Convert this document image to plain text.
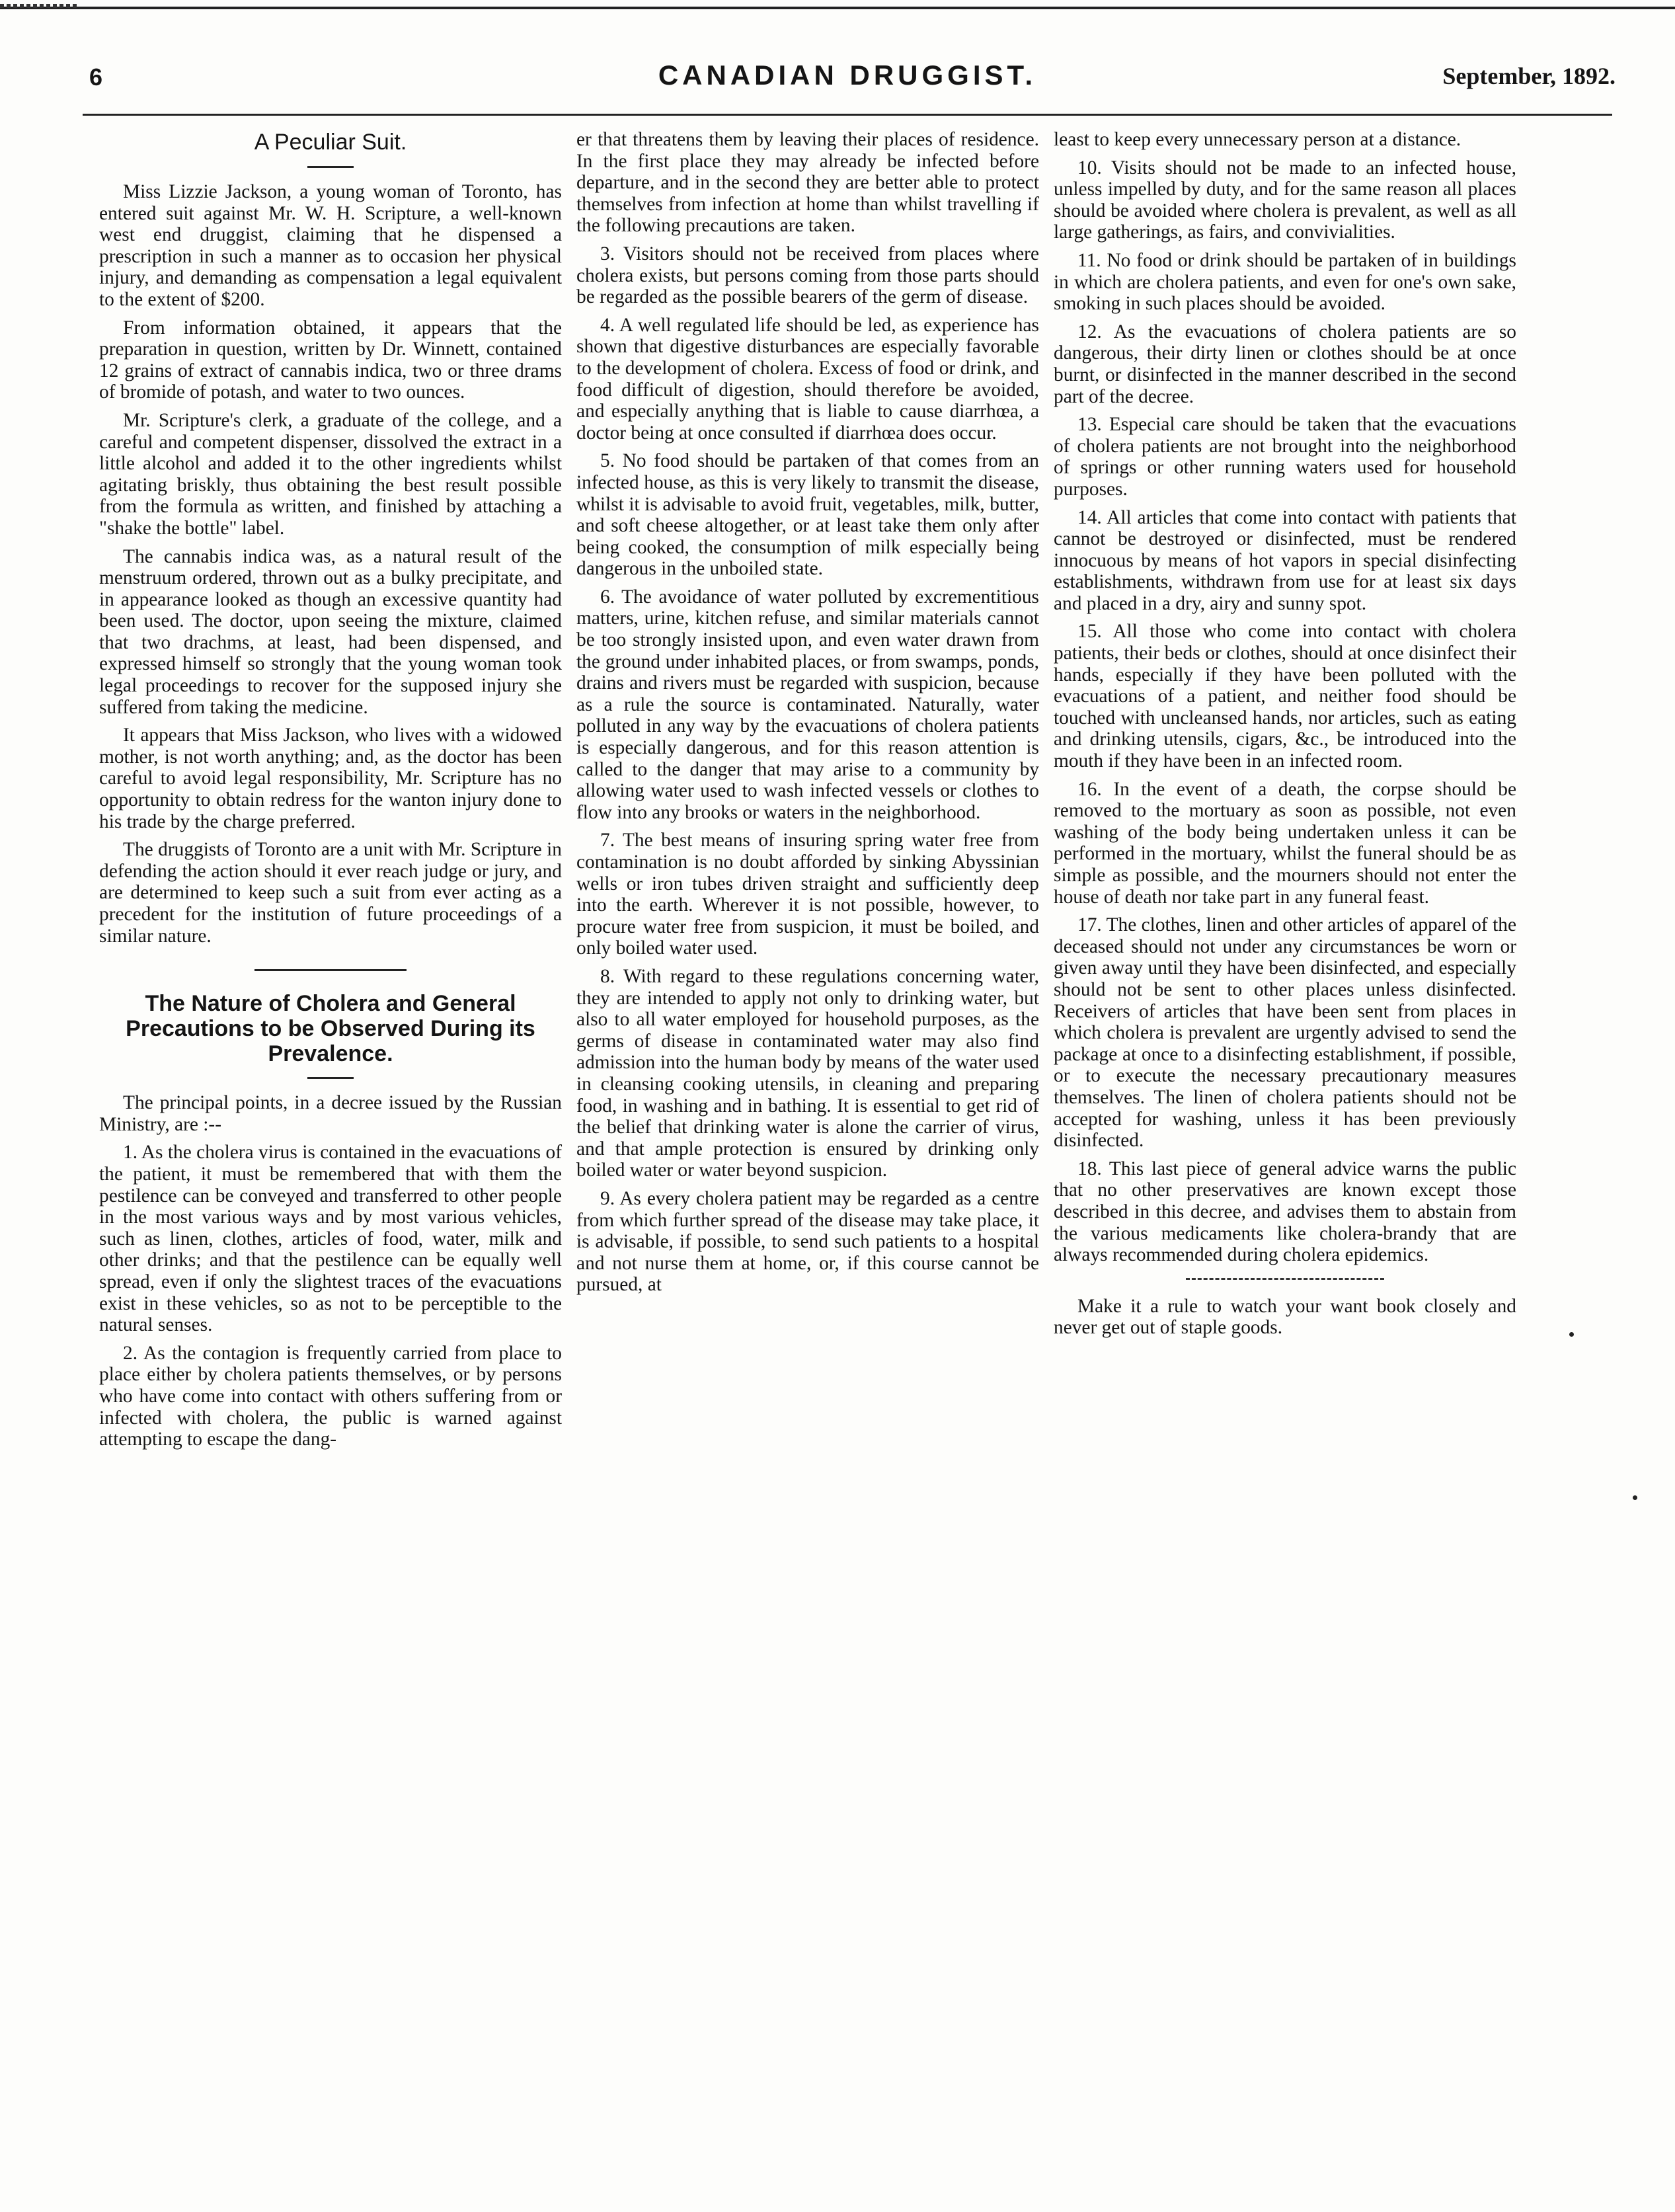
6	CANADIAN DRUGGIST.	September, 1892.
A Peculiar Suit.

Miss Lizzie Jackson, a young woman of Toronto, has entered suit against Mr. W. H. Scripture, a well-known west end druggist, claiming that he dispensed a prescription in such a manner as to occasion her physical injury, and demanding as compensation a legal equivalent to the extent of $200.

From information obtained, it appears that the preparation in question, written by Dr. Winnett, contained 12 grains of extract of cannabis indica, two or three drams of bromide of potash, and water to two ounces.

Mr. Scripture's clerk, a graduate of the college, and a careful and competent dispenser, dissolved the extract in a little alcohol and added it to the other ingredients whilst agitating briskly, thus obtaining the best result possible from the formula as written, and finished by attaching a "shake the bottle" label.

The cannabis indica was, as a natural result of the menstruum ordered, thrown out as a bulky precipitate, and in appearance looked as though an excessive quantity had been used. The doctor, upon seeing the mixture, claimed that two drachms, at least, had been dispensed, and expressed himself so strongly that the young woman took legal proceedings to recover for the supposed injury she suffered from taking the medicine.

It appears that Miss Jackson, who lives with a widowed mother, is not worth anything; and, as the doctor has been careful to avoid legal responsibility, Mr. Scripture has no opportunity to obtain redress for the wanton injury done to his trade by the charge preferred.

The druggists of Toronto are a unit with Mr. Scripture in defending the action should it ever reach judge or jury, and are determined to keep such a suit from ever acting as a precedent for the institution of future proceedings of a similar nature.

The Nature of Cholera and General Precautions to be Observed During its Prevalence.

The principal points, in a decree issued by the Russian Ministry, are :--

1. As the cholera virus is contained in the evacuations of the patient, it must be remembered that with them the pestilence can be conveyed and transferred to other people in the most various ways and by most various vehicles, such as linen, clothes, articles of food, water, milk and other drinks; and that the pestilence can be equally well spread, even if only the slightest traces of the evacuations exist in these vehicles, so as not to be perceptible to the natural senses.

2. As the contagion is frequently carried from place to place either by cholera patients themselves, or by persons who have come into contact with others suffering from or infected with cholera, the public is warned against attempting to escape the dang-

er that threatens them by leaving their places of residence. In the first place they may already be infected before departure, and in the second they are better able to protect themselves from infection at home than whilst travelling if the following precautions are taken.

3. Visitors should not be received from places where cholera exists, but persons coming from those parts should be regarded as the possible bearers of the germ of disease.

4. A well regulated life should be led, as experience has shown that digestive disturbances are especially favorable to the development of cholera. Excess of food or drink, and food difficult of digestion, should therefore be avoided, and especially anything that is liable to cause diarrhœa, a doctor being at once consulted if diarrhœa does occur.

5. No food should be partaken of that comes from an infected house, as this is very likely to transmit the disease, whilst it is advisable to avoid fruit, vegetables, milk, butter, and soft cheese altogether, or at least take them only after being cooked, the consumption of milk especially being dangerous in the unboiled state.

6. The avoidance of water polluted by excrementitious matters, urine, kitchen refuse, and similar materials cannot be too strongly insisted upon, and even water drawn from the ground under inhabited places, or from swamps, ponds, drains and rivers must be regarded with suspicion, because as a rule the source is contaminated. Naturally, water polluted in any way by the evacuations of cholera patients is especially dangerous, and for this reason attention is called to the danger that may arise to a community by allowing water used to wash infected vessels or clothes to flow into any brooks or waters in the neighborhood.

7. The best means of insuring spring water free from contamination is no doubt afforded by sinking Abyssinian wells or iron tubes driven straight and sufficiently deep into the earth. Wherever it is not possible, however, to procure water free from suspicion, it must be boiled, and only boiled water used.

8. With regard to these regulations concerning water, they are intended to apply not only to drinking water, but also to all water employed for household purposes, as the germs of disease in contaminated water may also find admission into the human body by means of the water used in cleansing cooking utensils, in cleaning and preparing food, in washing and in bathing. It is essential to get rid of the belief that drinking water is alone the carrier of virus, and that ample protection is ensured by drinking only boiled water or water beyond suspicion.

9. As every cholera patient may be regarded as a centre from which further spread of the disease may take place, it is advisable, if possible, to send such patients to a hospital and not nurse them at home, or, if this course cannot be pursued, at

least to keep every unnecessary person at a distance.

10. Visits should not be made to an infected house, unless impelled by duty, and for the same reason all places should be avoided where cholera is prevalent, as well as all large gatherings, as fairs, and convivialities.

11. No food or drink should be partaken of in buildings in which are cholera patients, and even for one's own sake, smoking in such places should be avoided.

12. As the evacuations of cholera patients are so dangerous, their dirty linen or clothes should be at once burnt, or disinfected in the manner described in the second part of the decree.

13. Especial care should be taken that the evacuations of cholera patients are not brought into the neighborhood of springs or other running waters used for household purposes.

14. All articles that come into contact with patients that cannot be destroyed or disinfected, must be rendered innocuous by means of hot vapors in special disinfecting establishments, withdrawn from use for at least six days and placed in a dry, airy and sunny spot.

15. All those who come into contact with cholera patients, their beds or clothes, should at once disinfect their hands, especially if they have been polluted with the evacuations of a patient, and neither food should be touched with uncleansed hands, nor articles, such as eating and drinking utensils, cigars, &c., be introduced into the mouth if they have been in an infected room.

16. In the event of a death, the corpse should be removed to the mortuary as soon as possible, not even washing of the body being undertaken unless it can be performed in the mortuary, whilst the funeral should be as simple as possible, and the mourners should not enter the house of death nor take part in any funeral feast.

17. The clothes, linen and other articles of apparel of the deceased should not under any circumstances be worn or given away until they have been disinfected, and especially should not be sent to other places unless disinfected. Receivers of articles that have been sent from places in which cholera is prevalent are urgently advised to send the package at once to a disinfecting establishment, if possible, or to execute the necessary precautionary measures themselves. The linen of cholera patients should not be accepted for washing, unless it has been previously disinfected.

18. This last piece of general advice warns the public that no other preservatives are known except those described in this decree, and advises them to abstain from the various medicaments like cholera-brandy that are always recommended during cholera epidemics.

Make it a rule to watch your want book closely and never get out of staple goods.
